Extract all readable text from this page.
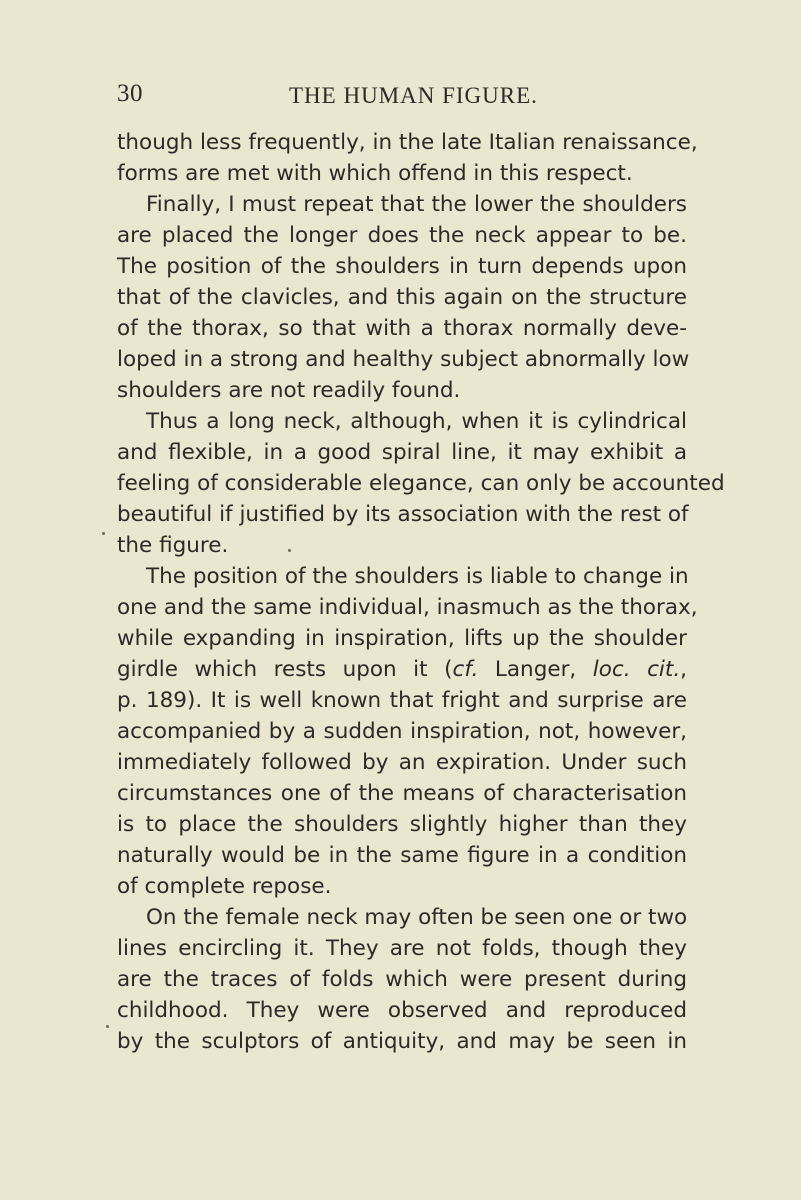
30	THE HUMAN FIGURE.
though less frequently, in the late Italian renaissance,
forms are met with which offend in this respect.
Finally, I must repeat that the lower the shoulders
are placed the longer does the neck appear to be.
The position of the shoulders in turn depends upon
that of the clavicles, and this again on the structure
of the thorax, so that with a thorax normally deve-
loped in a strong and healthy subject abnormally low
shoulders are not readily found.
Thus a long neck, although, when it is cylindrical
and flexible, in a good spiral line, it may exhibit a
feeling of considerable elegance, can only be accounted
beautiful if justified by its association with the rest of
the figure.
The position of the shoulders is liable to change in
one and the same individual, inasmuch as the thorax,
while expanding in inspiration, lifts up the shoulder
girdle which rests upon it (cf. Langer, loc. cit.,
p. 189). It is well known that fright and surprise are
accompanied by a sudden inspiration, not, however,
immediately followed by an expiration. Under such
circumstances one of the means of characterisation
is to place the shoulders slightly higher than they
naturally would be in the same figure in a condition
of complete repose.
On the female neck may often be seen one or two
lines encircling it. They are not folds, though they
are the traces of folds which were present during
childhood. They were observed and reproduced
by the sculptors of antiquity, and may be seen in
